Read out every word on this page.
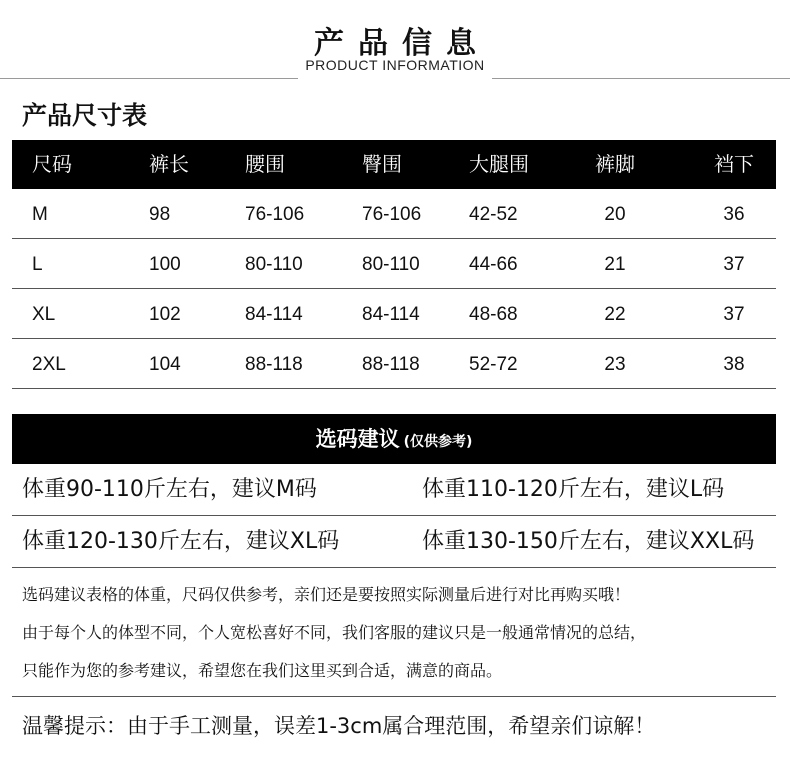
产品信息
PRODUCT INFORMATION
产品尺寸表
尺码	裤长	腰围	臀围	大腿围	裤脚	裆下
M	98	76-106	76-106	42-52	20	36
L	100	80-110	80-110	44-66	21	37
XL	102	84-114	84-114	48-68	22	37
2XL	104	88-118	88-118	52-72	23	38
选码建议 (仅供参考)
体重90-110斤左右，建议M码	体重110-120斤左右，建议L码
体重120-130斤左右，建议XL码	体重130-150斤左右，建议XXL码
选码建议表格的体重，尺码仅供参考，亲们还是要按照实际测量后进行对比再购买哦！
由于每个人的体型不同，个人宽松喜好不同，我们客服的建议只是一般通常情况的总结，
只能作为您的参考建议，希望您在我们这里买到合适，满意的商品。
温馨提示：由于手工测量，误差1-3cm属合理范围，希望亲们谅解！
